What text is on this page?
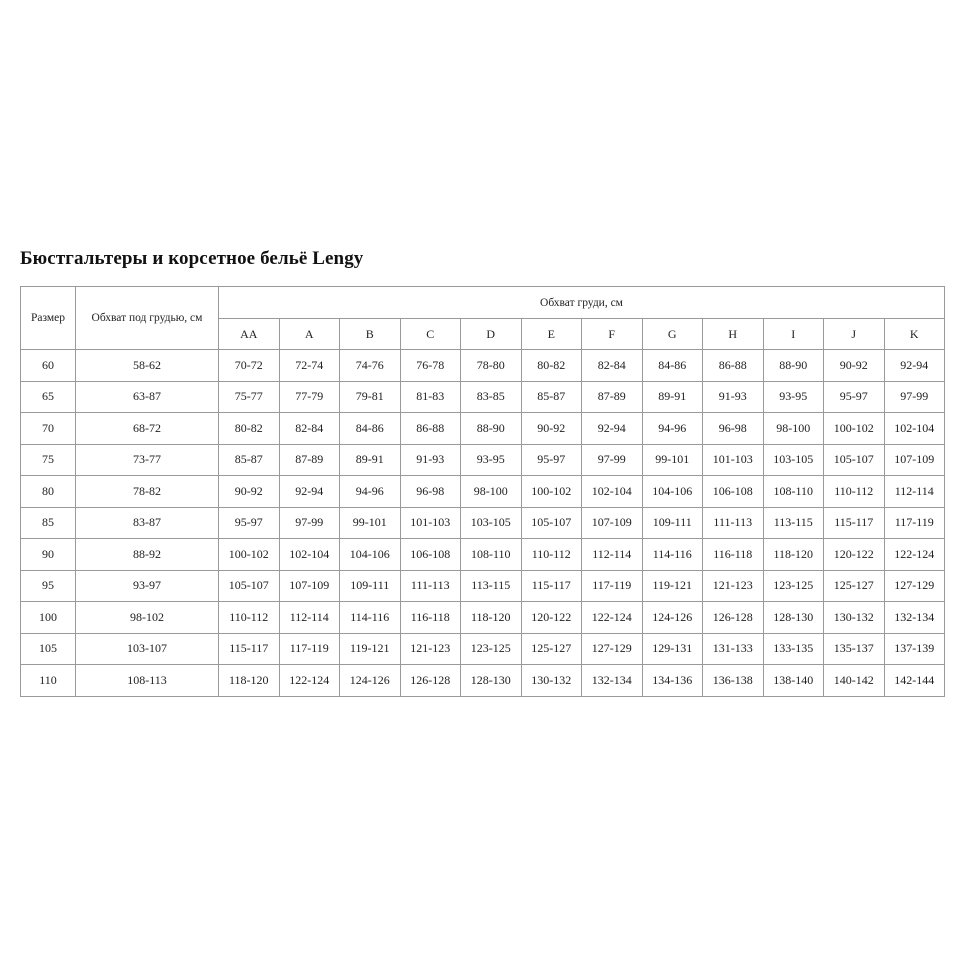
Бюстгальтеры и корсетное бельё Lengy
Размер	Обхват под грудью, см	Обхват груди, см											
		AA	A	B	C	D	E	F	G	H	I	J	K
60	58-62	70-72	72-74	74-76	76-78	78-80	80-82	82-84	84-86	86-88	88-90	90-92	92-94
65	63-87	75-77	77-79	79-81	81-83	83-85	85-87	87-89	89-91	91-93	93-95	95-97	97-99
70	68-72	80-82	82-84	84-86	86-88	88-90	90-92	92-94	94-96	96-98	98-100	100-102	102-104
75	73-77	85-87	87-89	89-91	91-93	93-95	95-97	97-99	99-101	101-103	103-105	105-107	107-109
80	78-82	90-92	92-94	94-96	96-98	98-100	100-102	102-104	104-106	106-108	108-110	110-112	112-114
85	83-87	95-97	97-99	99-101	101-103	103-105	105-107	107-109	109-111	111-113	113-115	115-117	117-119
90	88-92	100-102	102-104	104-106	106-108	108-110	110-112	112-114	114-116	116-118	118-120	120-122	122-124
95	93-97	105-107	107-109	109-111	111-113	113-115	115-117	117-119	119-121	121-123	123-125	125-127	127-129
100	98-102	110-112	112-114	114-116	116-118	118-120	120-122	122-124	124-126	126-128	128-130	130-132	132-134
105	103-107	115-117	117-119	119-121	121-123	123-125	125-127	127-129	129-131	131-133	133-135	135-137	137-139
110	108-113	118-120	122-124	124-126	126-128	128-130	130-132	132-134	134-136	136-138	138-140	140-142	142-144
